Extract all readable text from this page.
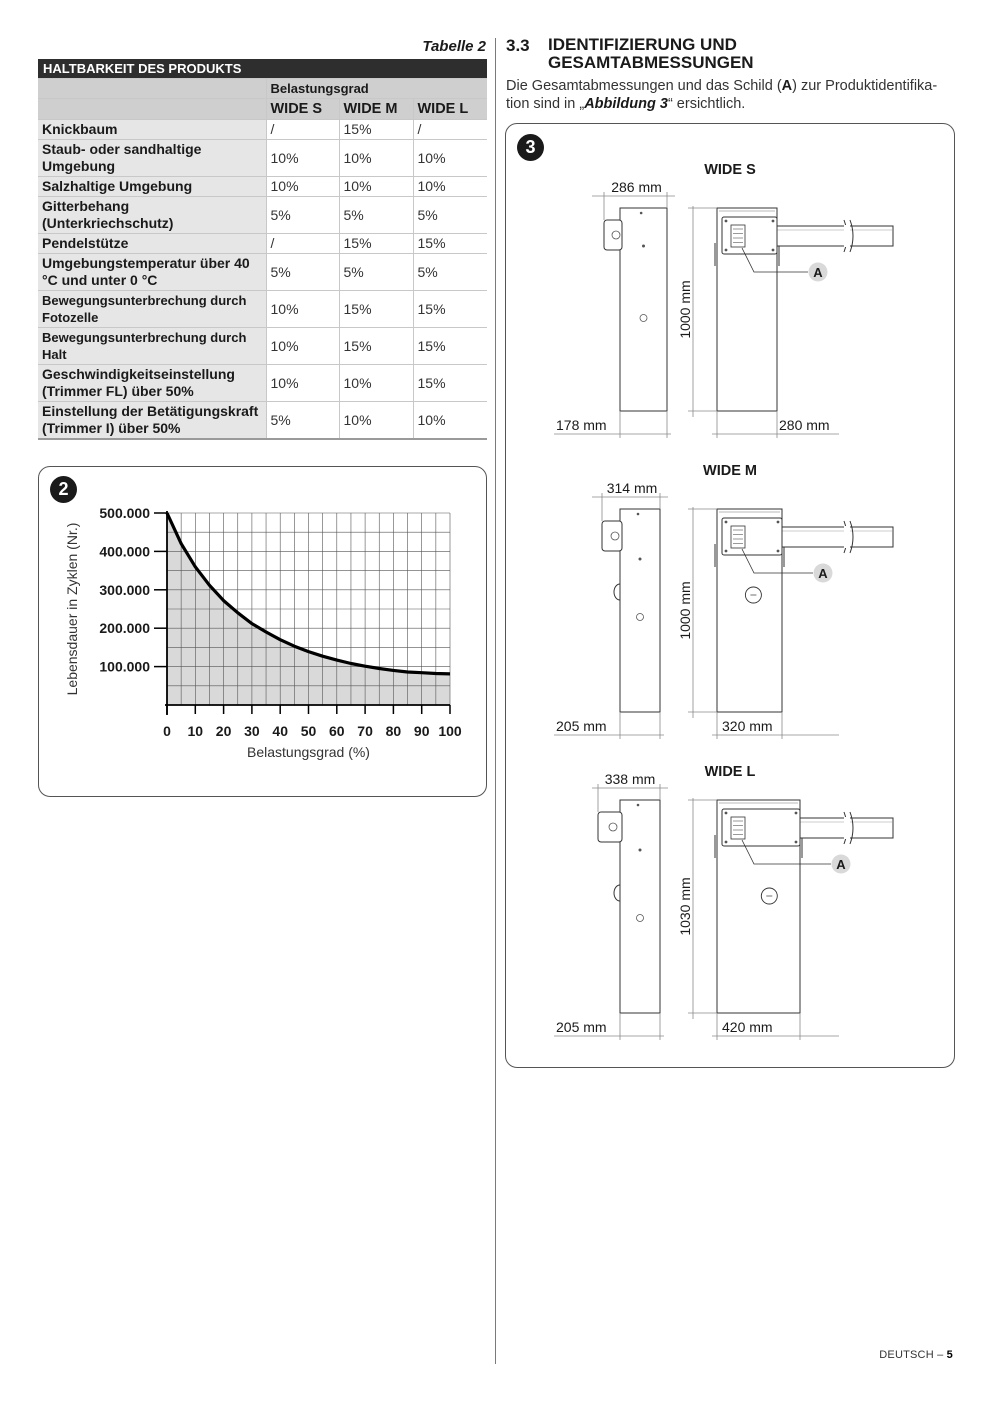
Tabelle 2
HALTBARKEIT DES PRODUKTS			
	Belastungsgrad		
	WIDE S	WIDE M	WIDE L
Knickbaum	/	15%	/
Staub- oder sandhaltige Umgebung	10%	10%	10%
Salzhaltige Umgebung	10%	10%	10%
Gitterbehang (Unterkriechschutz)	5%	5%	5%
Pendelstütze	/	15%	15%
Umgebungstemperatur über 40 °C und unter 0 °C	5%	5%	5%
Bewegungsunterbrechung durch Fotozelle	10%	15%	15%
Bewegungsunterbrechung durch Halt	10%	15%	15%
Geschwindigkeitseinstellung (Trimmer FL) über 50%	10%	10%	15%
Einstellung der Betätigungskraft (Trimmer I) über 50%	5%	10%	10%
2
0 10 20 30 40 50 60 70 80 90 100
100.000
200.000
300.000
400.000
500.000
Belastungsgrad (%)
Lebensdauer in Zyklen (Nr.)
3.3 IDENTIFIZIERUNG UND
GESAMTABMESSUNGEN
Die Gesamtabmessungen und das Schild (A) zur Produktidentifika-tion sind in „Abbildung 3“ ersichtlich.
3
WIDE S
286 mm
178 mm
1000 mm
A
280 mm
WIDE M
314 mm
205 mm
1000 mm
A
320 mm
WIDE L
338 mm
205 mm
1030 mm
A
420 mm
DEUTSCH – 5
